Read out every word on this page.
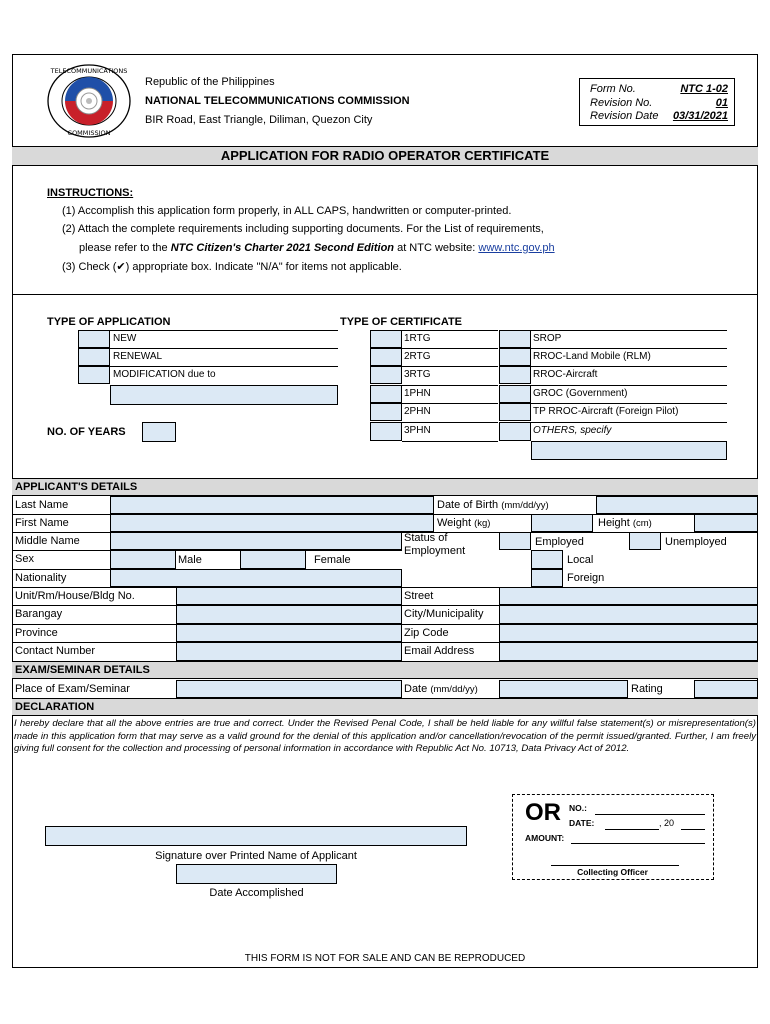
TELECOMMUNICATIONS
COMMISSION
Republic of the Philippines
NATIONAL TELECOMMUNICATIONS COMMISSION
BIR Road, East Triangle, Diliman, Quezon City
Form No.	NTC 1-02
Revision No.	01
Revision Date 03/31/2021
APPLICATION FOR RADIO OPERATOR CERTIFICATE
INSTRUCTIONS:
(1) Accomplish this application form properly, in ALL CAPS, handwritten or computer-printed.
(2) Attach the complete requirements including supporting documents. For the List of requirements,
please refer to the NTC Citizen's Charter 2021 Second Edition at NTC website: www.ntc.gov.ph
(3) Check (✔) appropriate box. Indicate "N/A" for items not applicable.
TYPE OF APPLICATION
NEW
RENEWAL
MODIFICATION due to
NO. OF YEARS
TYPE OF CERTIFICATE
1RTG
2RTG
3RTG
1PHN
2PHN
3PHN
SROP
RROC-Land Mobile (RLM)
RROC-Aircraft
GROC (Government)
TP RROC-Aircraft (Foreign Pilot)
OTHERS, specify
APPLICANT'S DETAILS
Last Name	Date of Birth (mm/dd/yy)
First Name	Weight (kg)	Height (cm)
Middle Name	Status of
Employment
Employed	Unemployed
Sex	Male	Female	Local
Nationality	Foreign
Unit/Rm/House/Bldg No.	Street
Barangay	City/Municipality
Province	Zip Code
Contact Number	Email Address
EXAM/SEMINAR DETAILS
Place of Exam/Seminar	Date (mm/dd/yy)	Rating
DECLARATION
I hereby declare that all the above entries are true and correct. Under the Revised Penal Code, I shall be held liable for any willful false statement(s) or misrepresentation(s) made in this application form that may serve as a valid ground for the denial of this application and/or cancellation/revocation of the permit issued/granted. Further, I am freely giving full consent for the collection and processing of personal information in accordance with Republic Act No. 10713, Data Privacy Act of 2012.
Signature over Printed Name of Applicant
Date Accomplished
OR NO.:
DATE:	, 20
AMOUNT:
Collecting Officer
THIS FORM IS NOT FOR SALE AND CAN BE REPRODUCED
